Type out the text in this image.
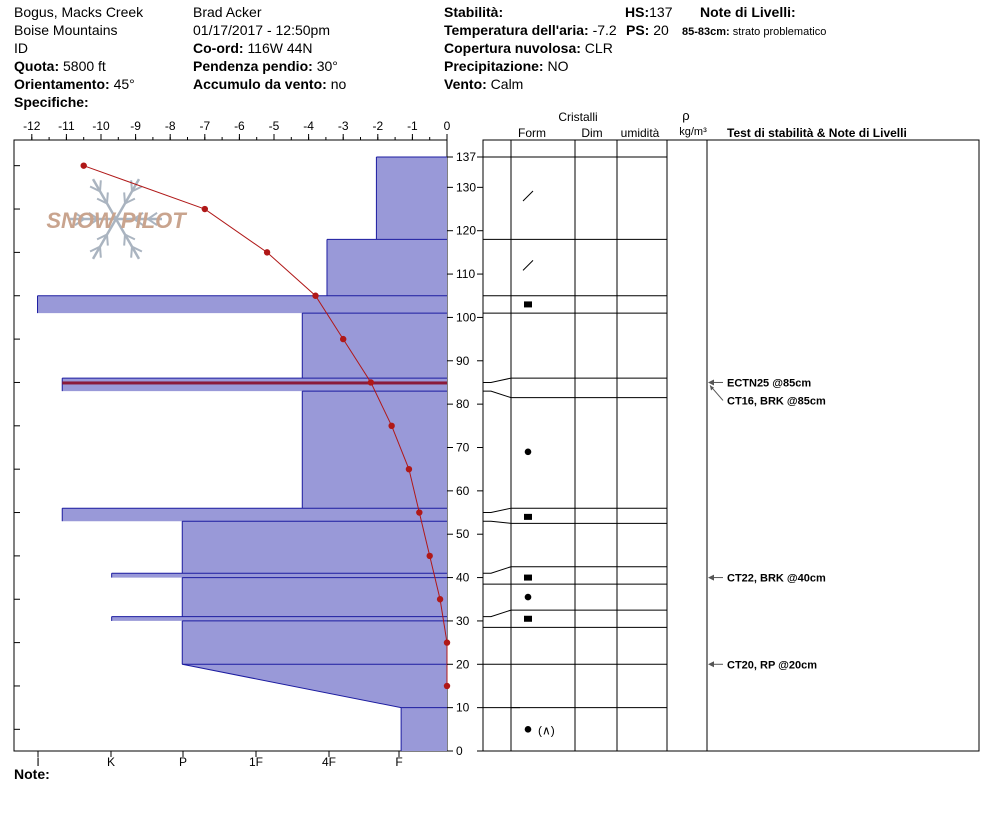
Bogus, Macks Creek
Boise Mountains
ID
Quota: 5800 ft
Orientamento: 45°
Specifiche:
Brad Acker
01/17/2017 - 12:50pm
Co-ord: 116W 44N
Pendenza pendio: 30°
Accumulo da vento: no
Stabilità:
Temperatura dell'aria: -7.2
Copertura nuvolosa: CLR
Precipitazione: NO
Vento: Calm
HS:137
PS: 20
Note di Livelli:
85-83cm: strato problematico
Note:
SNOW PILOT
-12 -11 -10 -9 -8 -7 -6 -5 -4 -3 -2 -1 0
0
10
20
30
40
50
60
70
80
90
100
110
120
130
137
I	K	P	1F	4F	F
(∧)
ECTN25 @85cm
CT16, BRK @85cm
CT22, BRK @40cm
CT20, RP @20cm
Cristalli
Form	Dim umidità
ρ
kg/m³ Test di stabilità & Note di Livelli
